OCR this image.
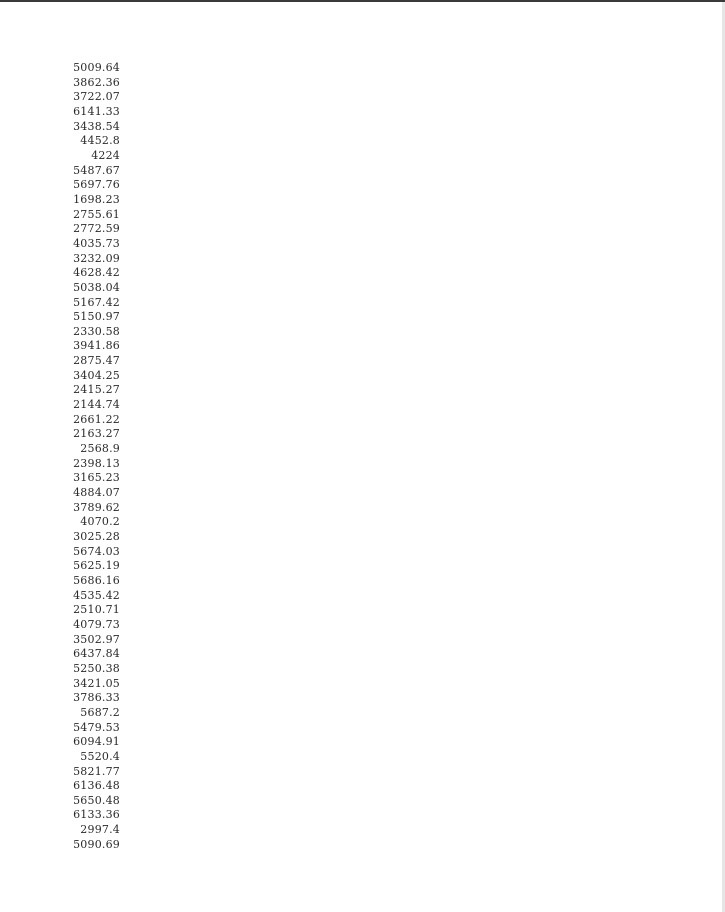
5009.64
3862.36
3722.07
6141.33
3438.54
4452.8
4224
5487.67
5697.76
1698.23
2755.61
2772.59
4035.73
3232.09
4628.42
5038.04
5167.42
5150.97
2330.58
3941.86
2875.47
3404.25
2415.27
2144.74
2661.22
2163.27
2568.9
2398.13
3165.23
4884.07
3789.62
4070.2
3025.28
5674.03
5625.19
5686.16
4535.42
2510.71
4079.73
3502.97
6437.84
5250.38
3421.05
3786.33
5687.2
5479.53
6094.91
5520.4
5821.77
6136.48
5650.48
6133.36
2997.4
5090.69
